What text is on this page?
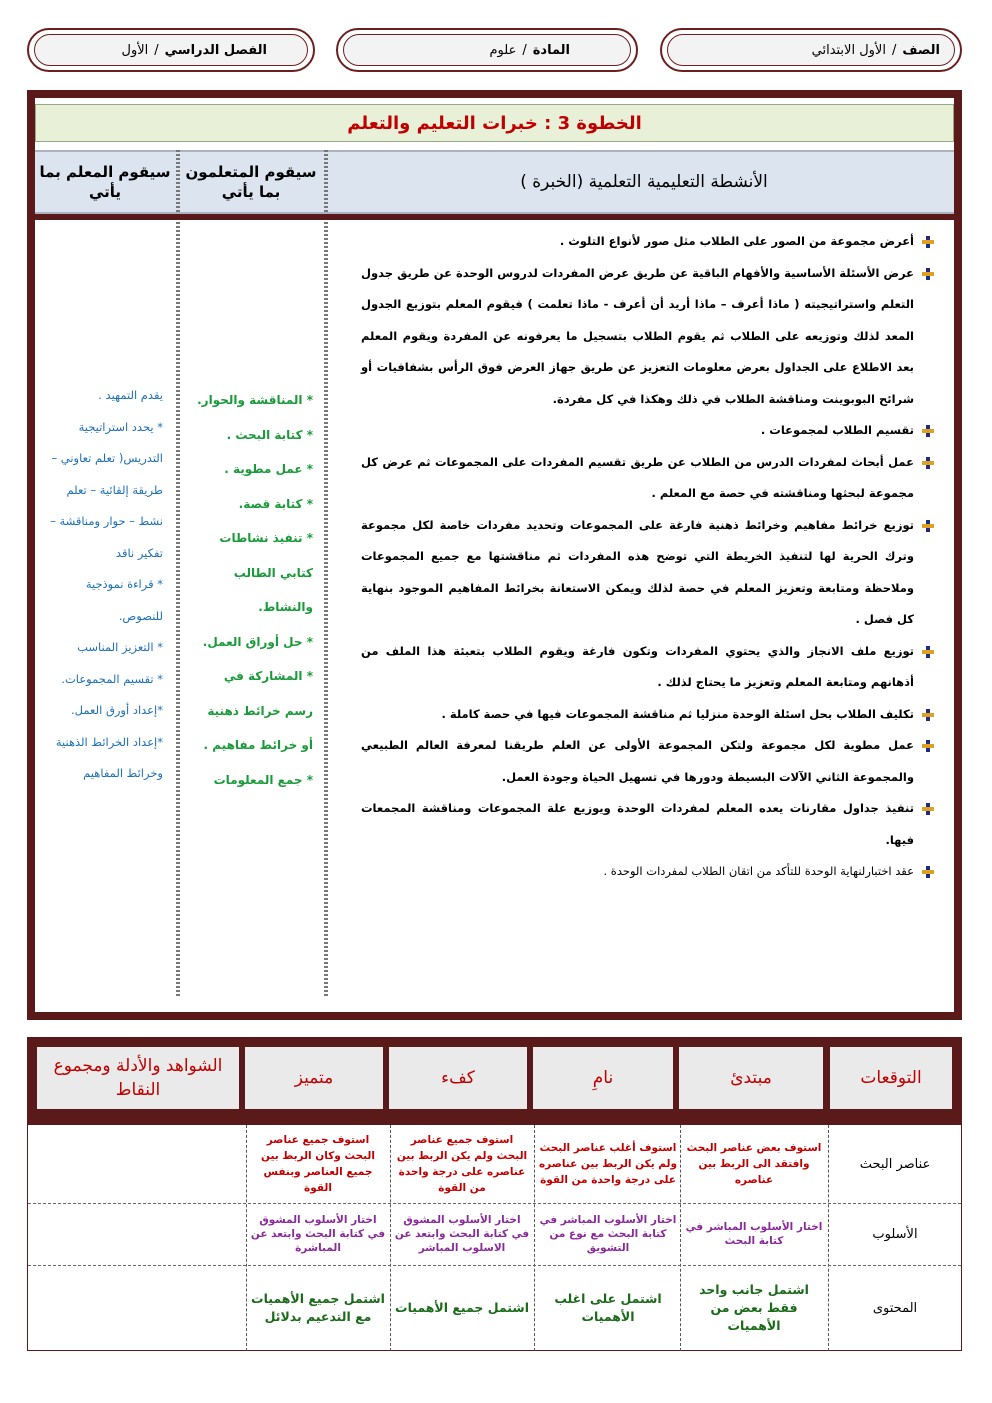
الصف
/
الأول الابتدائي
المادة
/
علوم
الفصل الدراسي
/
الأول
الخطوة 3 : خبرات التعليم والتعلم
الأنشطة التعليمية التعلمية (الخبرة )
سيقوم المتعلمون بما يأتي
سيقوم المعلم بما يأتي
أعرض مجموعة من الصور على الطلاب مثل صور لأنواع التلوث .
عرض الأسئلة الأساسية والأفهام الباقية عن طريق عرض المفردات لدروس الوحدة عن طريق جدول التعلم واستراتيجيته ( ماذا أعرف – ماذا أريد أن أعرف - ماذا تعلمت ) فيقوم المعلم بتوزيع الجدول المعد لذلك وتوزيعه على الطلاب ثم يقوم الطلاب بتسجيل ما يعرفونه عن المفردة ويقوم المعلم بعد الاطلاع على الجداول بعرض معلومات التعزيز عن طريق جهاز العرض فوق الرأس بشفافيات أو شرائح البوبوينت ومناقشة الطلاب في ذلك وهكذا في كل مفردة.
تقسيم الطلاب لمجموعات .
عمل أبحاث لمفردات الدرس من الطلاب عن طريق تقسيم المفردات على المجموعات ثم عرض كل مجموعة لبحثها ومناقشته في حصة مع المعلم .
توزيع خرائط مفاهيم وخرائط ذهنية فارغة على المجموعات وتحديد مفردات خاصة لكل مجموعة وترك الحرية لها لتنفيذ الخريطة التي توضح هذه المفردات ثم مناقشتها مع جميع المجموعات وملاحظة ومتابعة وتعزيز المعلم في حصة لذلك ويمكن الاستعانة بخرائط المفاهيم الموجود بنهاية كل فصل .
توزيع ملف الانجاز والذي يحتوي المفردات وتكون فارغة ويقوم الطلاب بتعبئة هذا الملف من أذهانهم ومتابعة المعلم وتعزيز ما يحتاج لذلك .
تكليف الطلاب بحل اسئلة الوحدة منزليا ثم مناقشة المجموعات فيها في حصة كاملة .
عمل مطوية لكل مجموعة ولتكن المجموعة الأولى عن العلم طريقنا لمعرفة العالم الطبيعي والمجموعة الثاني الآلات البسيطة ودورها في تسهيل الحياة وجودة العمل.
تنفيذ جداول مقارنات يعده المعلم لمفردات الوحدة ويوزيع علة المجموعات ومناقشة المجمعات فيها.
عقد اختبارلنهاية الوحدة للتأكد من اتقان الطلاب لمفردات الوحدة .

* المناقشة والحوار.

* كتابة البحث .

* عمل مطوية .

* كتابة قصة.

* تنفيذ نشاطات كتابي الطالب والنشاط.

* حل أوراق العمل.

* المشاركة في رسم خرائط ذهنية أو خرائط مفاهيم .

* جمع المعلومات

يقدم التمهيد .

* يحدد استراتيجية التدريس( تعلم تعاوني – طريقة إلقائية – تعلم نشط – حوار ومناقشة – تفكير ناقد

* قراءة نموذجية للنصوص.

* التعزيز المناسب

* تقسيم المجموعات.

*إعداد أورق العمل.

*إعداد الخرائط الذهنية وخرائط المفاهيم

التوقعات
مبتدئ
نامِ
كفء
متميز
الشواهد والأدلة ومجموع النقاط
عناصر البحث
استوف بعض عناصر البحث وافتقد الى الربط بين عناصره
استوف أغلب عناصر البحث ولم يكن الربط بين عناصره على درجة واحدة من القوة
استوف جميع عناصر البحث ولم يكن الربط بين عناصره على درجة واحدة من القوة
استوف جميع عناصر البحث وكان الربط بين جميع العناصر وبنفس القوة
الأسلوب
اختار الأسلوب المباشر في كتابة البحث
اختار الأسلوب المباشر في كتابة البحث مع نوع من التشويق
اختار الأسلوب المشوق في كتابة البحث وابتعد عن الاسلوب المباشر
اختار الأسلوب المشوق في كتابة البحث وابتعد عن المباشرة
المحتوى
اشتمل جانب واحد فقط بعض من الأهميات
اشتمل على اغلب الأهميات
اشتمل جميع الأهميات
اشتمل جميع الأهميات مع التدعيم بدلائل
